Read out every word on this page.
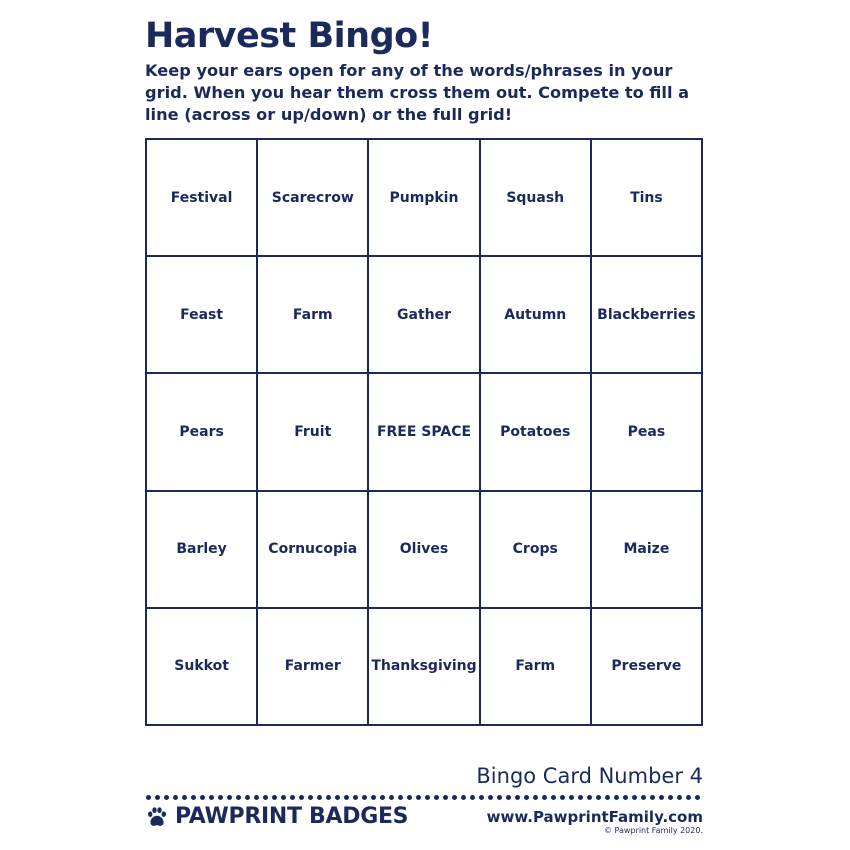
Harvest Bingo!
Keep your ears open for any of the words/phrases in your grid. When you hear them cross them out. Compete to fill a line (across or up/down) or the full grid!
Festival	Scarecrow	Pumpkin	Squash	Tins
Feast	Farm	Gather	Autumn	Blackberries
Pears	Fruit	FREE SPACE	Potatoes	Peas
Barley	Cornucopia	Olives	Crops	Maize
Sukkot	Farmer	Thanksgiving	Farm	Preserve
Bingo Card Number 4
PAWPRINT BADGES	www.PawprintFamily.com
© Pawprint Family 2020.
